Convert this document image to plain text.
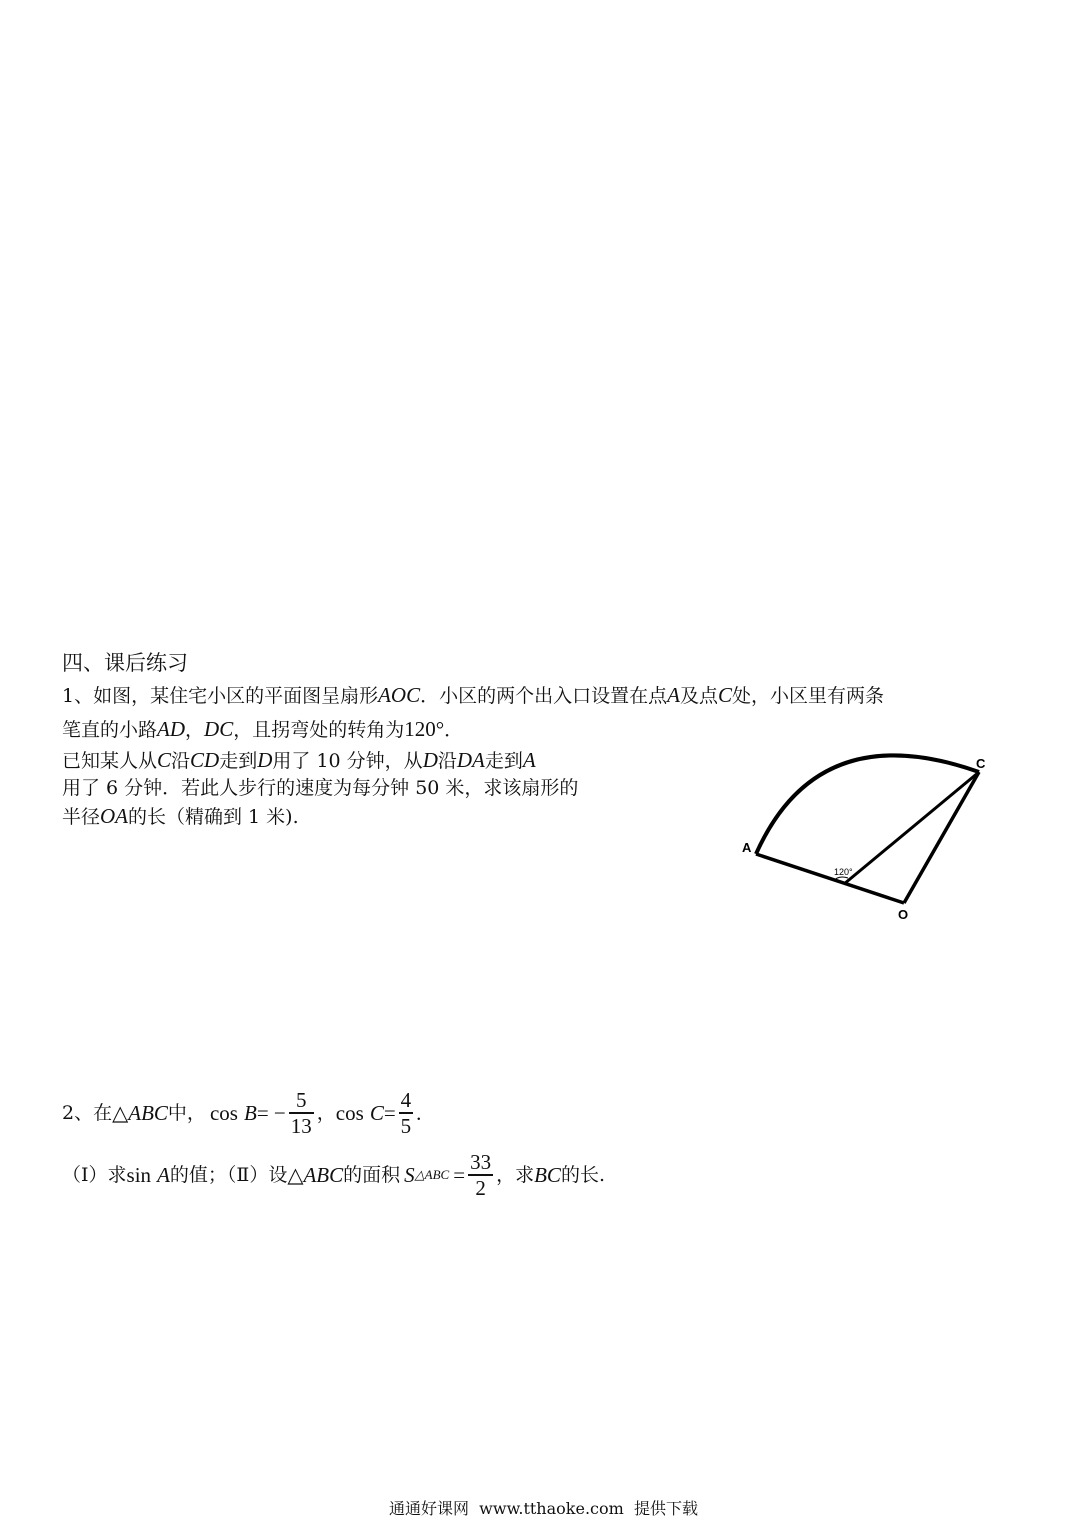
四、课后练习
1、如图，某住宅小区的平面图呈扇形AOC．小区的两个出入口设置在点A及点C处，小区里有两条
笔直的小路AD，DC，且拐弯处的转角为120°．
已知某人从C沿CD走到D用了 10 分钟，从D沿DA走到A
用了 6 分钟．若此人步行的速度为每分钟 50 米，求该扇形的
半径OA的长（精确到 1 米).
A
C
O
120°
2、在 △ ABC 中， cos
B = − $\frac{5}{13}$ ， cos
$C = \frac{4}{5}$ .
（Ⅰ）求 sin
A 的值；（Ⅱ）设 △ ABC 的面积 S △ABC = $\frac{33}{2}$ ，求 BC 的长.
通通好课网  www.tthaoke.com  提供下载
